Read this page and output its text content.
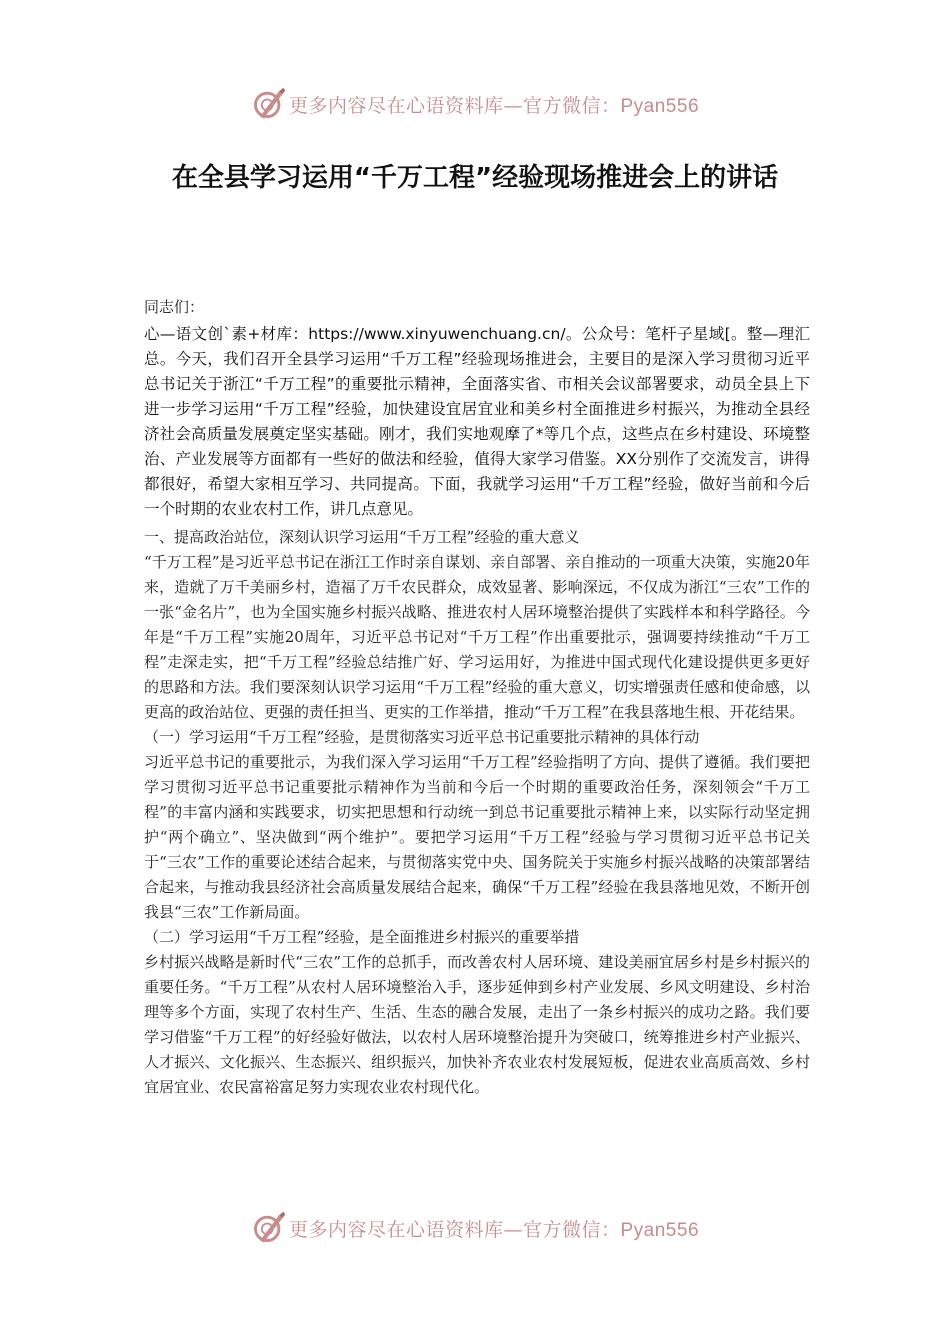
更多内容尽在心语资料库—官方微信：Pyan556
在全县学习运用“千万工程”经验现场推进会上的讲话

同志们：

心—语文创`素+材库：https://www.xinyuwenchuang.cn/。公众号：笔杆子星域[。整—理汇总。今天，我们召开全县学习运用“千万工程”经验现场推进会，主要目的是深入学习贯彻习近平总书记关于浙江“千万工程”的重要批示精神，全面落实省、市相关会议部署要求，动员全县上下进一步学习运用“千万工程”经验，加快建设宜居宜业和美乡村全面推进乡村振兴，为推动全县经济社会高质量发展奠定坚实基础。刚才，我们实地观摩了*等几个点，这些点在乡村建设、环境整治、产业发展等方面都有一些好的做法和经验，值得大家学习借鉴。XX分别作了交流发言，讲得都很好，希望大家相互学习、共同提高。下面，我就学习运用“千万工程”经验，做好当前和今后一个时期的农业农村工作，讲几点意见。

一、提高政治站位，深刻认识学习运用“千万工程”经验的重大意义

“千万工程”是习近平总书记在浙江工作时亲自谋划、亲自部署、亲自推动的一项重大决策，实施20年来，造就了万千美丽乡村，造福了万千农民群众，成效显著、影响深远，不仅成为浙江“三农”工作的一张“金名片”，也为全国实施乡村振兴战略、推进农村人居环境整治提供了实践样本和科学路径。今年是“千万工程”实施20周年，习近平总书记对“千万工程”作出重要批示，强调要持续推动“千万工程”走深走实，把“千万工程”经验总结推广好、学习运用好，为推进中国式现代化建设提供更多更好的思路和方法。我们要深刻认识学习运用“千万工程”经验的重大意义，切实增强责任感和使命感，以更高的政治站位、更强的责任担当、更实的工作举措，推动“千万工程”在我县落地生根、开花结果。

（一）学习运用“千万工程”经验，是贯彻落实习近平总书记重要批示精神的具体行动

习近平总书记的重要批示，为我们深入学习运用“千万工程”经验指明了方向、提供了遵循。我们要把学习贯彻习近平总书记重要批示精神作为当前和今后一个时期的重要政治任务，深刻领会“千万工程”的丰富内涵和实践要求，切实把思想和行动统一到总书记重要批示精神上来，以实际行动坚定拥护“两个确立”、坚决做到“两个维护”。要把学习运用“千万工程”经验与学习贯彻习近平总书记关于“三农”工作的重要论述结合起来，与贯彻落实党中央、国务院关于实施乡村振兴战略的决策部署结合起来，与推动我县经济社会高质量发展结合起来，确保“千万工程”经验在我县落地见效，不断开创我县“三农”工作新局面。

（二）学习运用“千万工程”经验，是全面推进乡村振兴的重要举措

乡村振兴战略是新时代“三农”工作的总抓手，而改善农村人居环境、建设美丽宜居乡村是乡村振兴的重要任务。“千万工程”从农村人居环境整治入手，逐步延伸到乡村产业发展、乡风文明建设、乡村治理等多个方面，实现了农村生产、生活、生态的融合发展，走出了一条乡村振兴的成功之路。我们要学习借鉴“千万工程”的好经验好做法，以农村人居环境整治提升为突破口，统筹推进乡村产业振兴、人才振兴、文化振兴、生态振兴、组织振兴，加快补齐农业农村发展短板，促进农业高质高效、乡村宜居宜业、农民富裕富足努力实现农业农村现代化。

更多内容尽在心语资料库—官方微信：Pyan556
